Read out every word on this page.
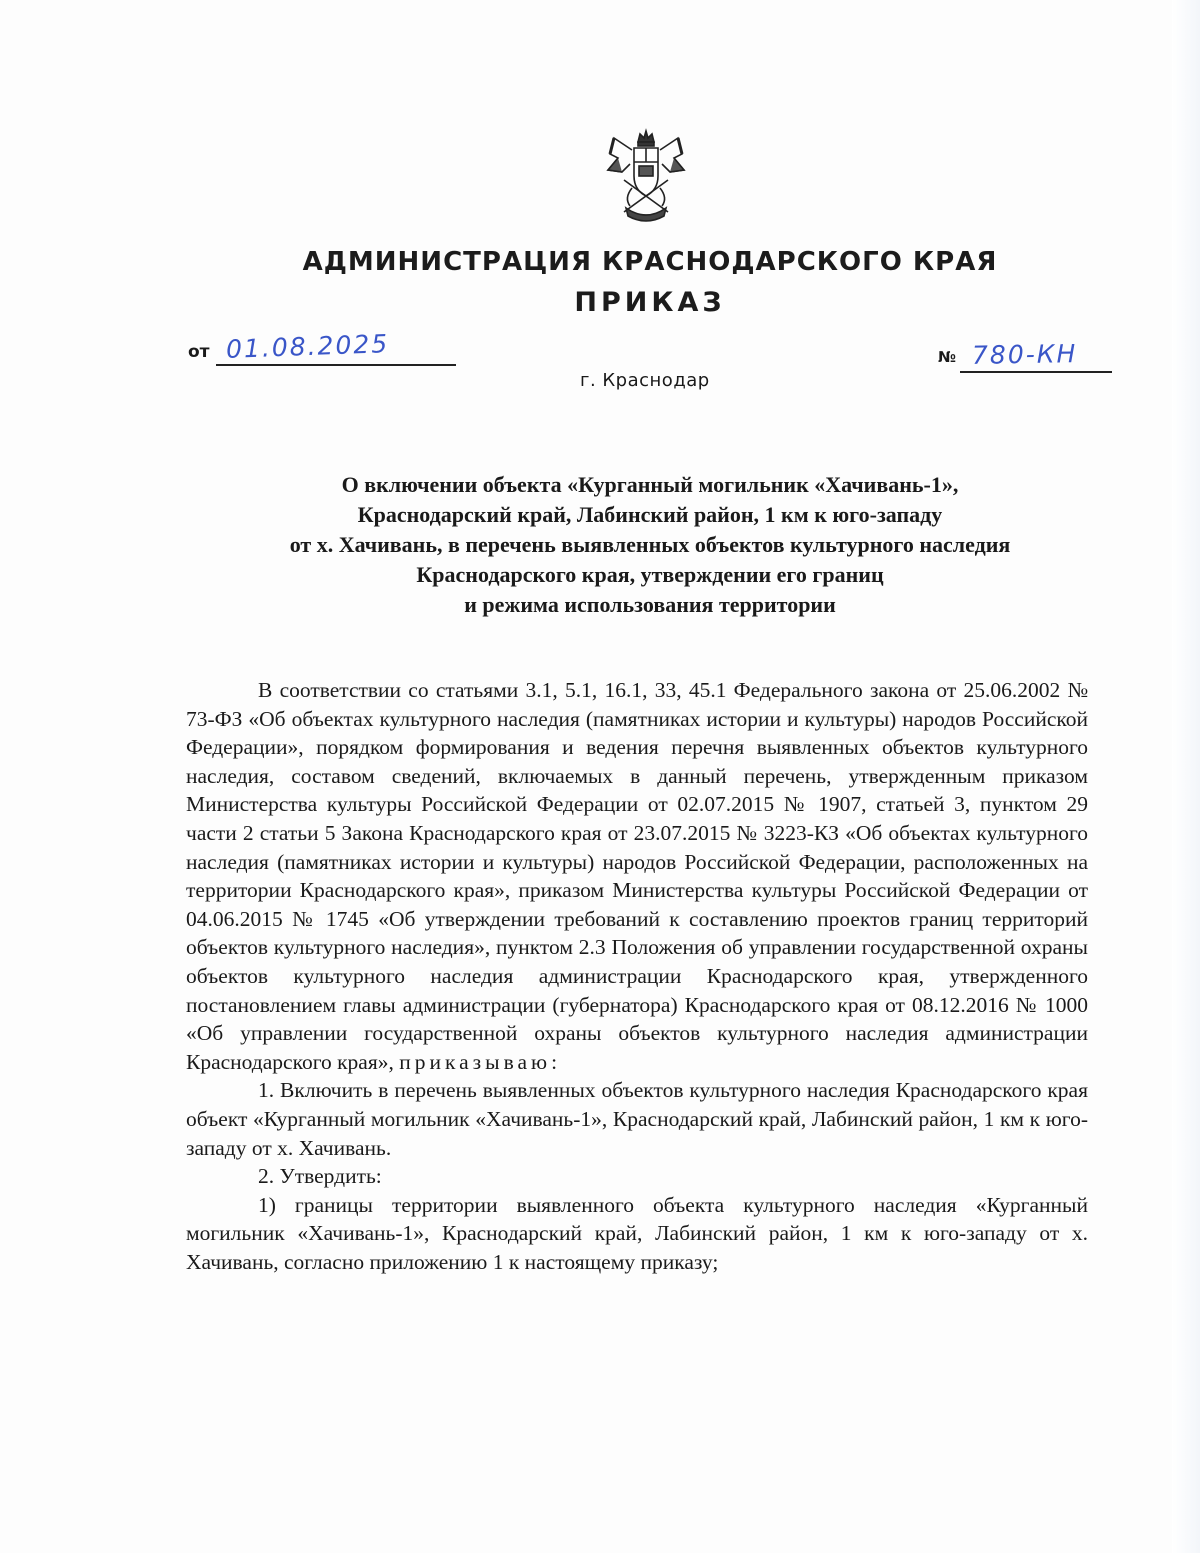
АДМИНИСТРАЦИЯ КРАСНОДАРСКОГО КРАЯ
ПРИКАЗ
от 01.08.2025	№ 780-КН
г. Краснодар
О включении объекта «Курганный могильник «Хачивань-1»,
Краснодарский край, Лабинский район, 1 км к юго-западу
от х. Хачивань, в перечень выявленных объектов культурного наследия
Краснодарского края, утверждении его границ
и режима использования территории

В соответствии со статьями 3.1, 5.1, 16.1, 33, 45.1 Федерального закона от 25.06.2002 № 73-ФЗ «Об объектах культурного наследия (памятниках истории и культуры) народов Российской Федерации», порядком формирования и ведения перечня выявленных объектов культурного наследия, составом сведений, включаемых в данный перечень, утвержденным приказом Министерства культуры Российской Федерации от 02.07.2015 № 1907, статьей 3, пунктом 29 части 2 статьи 5 Закона Краснодарского края от 23.07.2015 № 3223-КЗ «Об объектах культурного наследия (памятниках истории и культуры) народов Российской Федерации, расположенных на территории Краснодарского края», приказом Министерства культуры Российской Федерации от 04.06.2015 № 1745 «Об утверждении требований к составлению проектов границ территорий объектов культурного наследия», пунктом 2.3 Положения об управлении государственной охраны объектов культурного наследия администрации Краснодарского края, утвержденного постановлением главы администрации (губернатора) Краснодарского края от 08.12.2016 № 1000 «Об управлении государственной охраны объектов культурного наследия администрации Краснодарского края», приказываю:

1. Включить в перечень выявленных объектов культурного наследия Краснодарского края объект «Курганный могильник «Хачивань-1», Краснодарский край, Лабинский район, 1 км к юго-западу от х. Хачивань.

2. Утвердить:

1) границы территории выявленного объекта культурного наследия «Курганный могильник «Хачивань-1», Краснодарский край, Лабинский район, 1 км к юго-западу от х. Хачивань, согласно приложению 1 к настоящему приказу;
